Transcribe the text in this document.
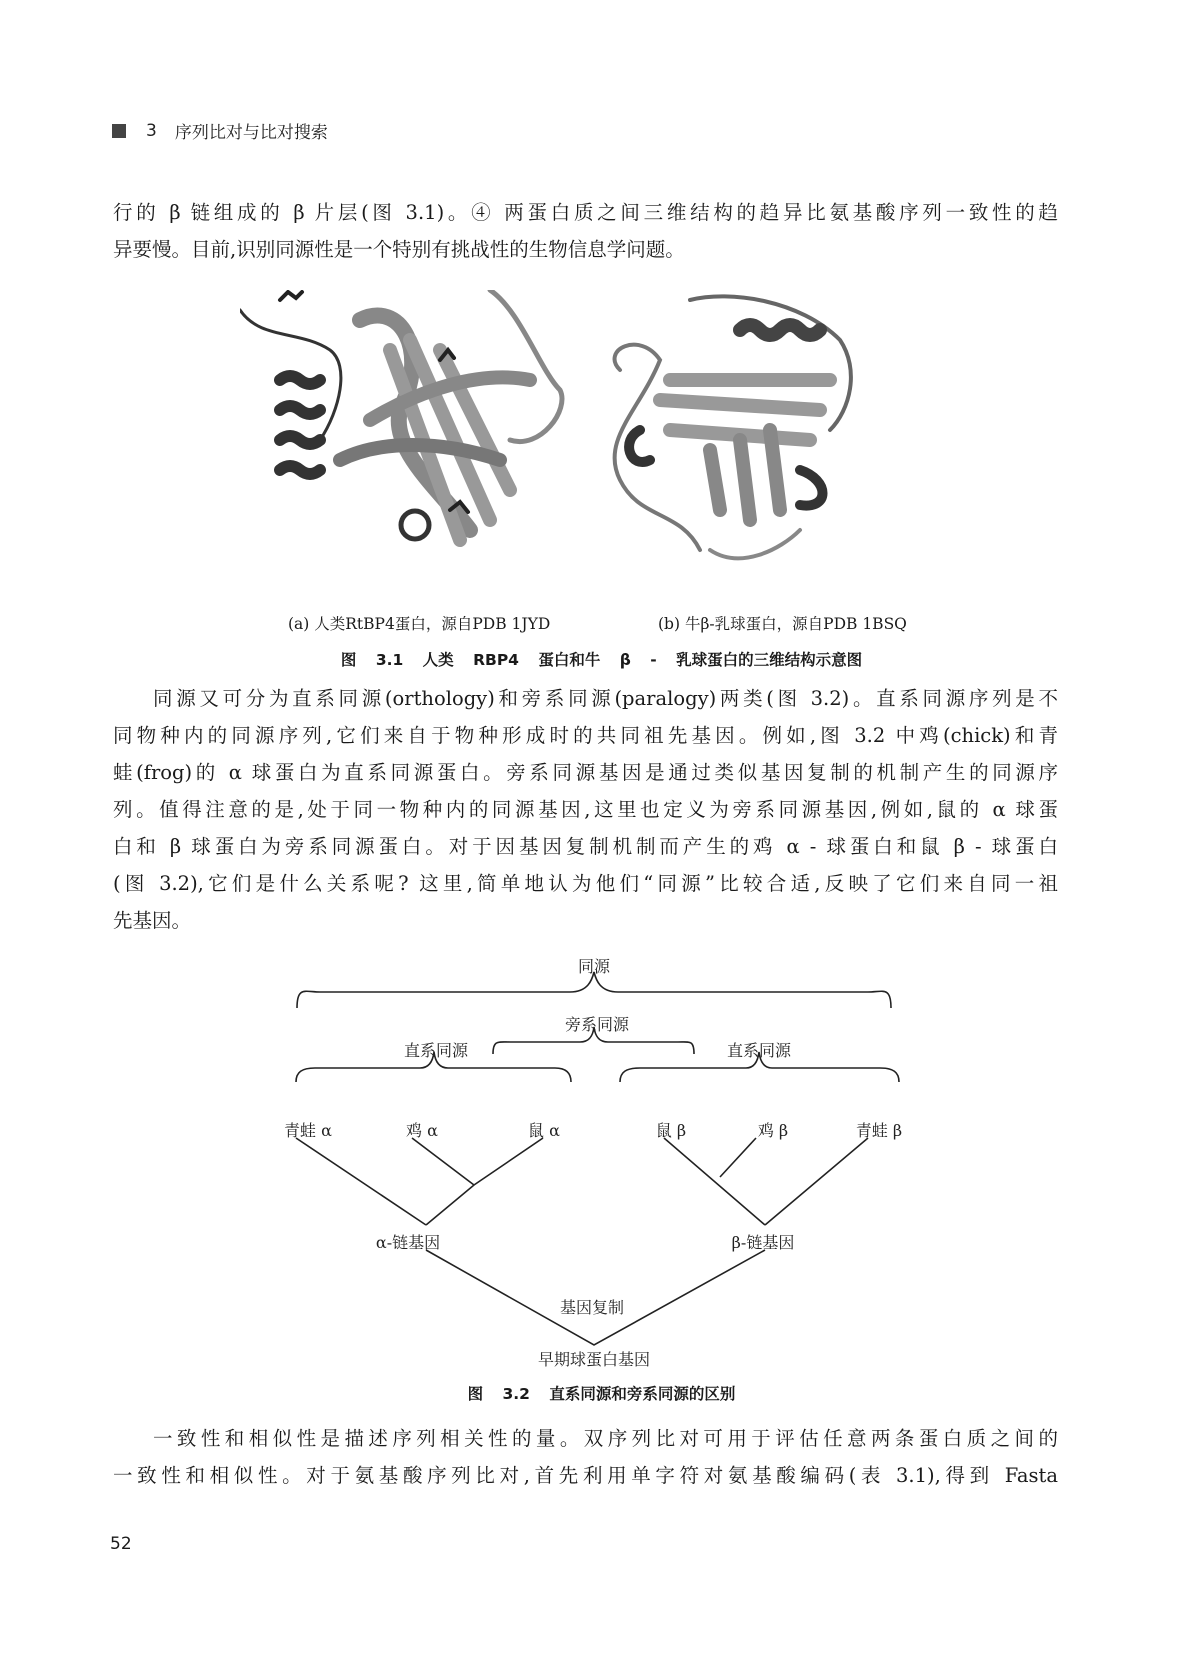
3 序列比对与比对搜索

行的 β 链组成的 β 片层(图 3.1)。④ 两蛋白质之间三维结构的趋异比氨基酸序列一致性的趋
异要慢。目前,识别同源性是一个特别有挑战性的生物信息学问题。

(a) 人类RtBP4蛋白，源自PDB 1JYD	(b) 牛β-乳球蛋白，源自PDB 1BSQ
图 3.1 人类 RBP4 蛋白和牛 β - 乳球蛋白的三维结构示意图

同源又可分为直系同源(orthology)和旁系同源(paralogy)两类(图 3.2)。直系同源序列是不
同物种内的同源序列,它们来自于物种形成时的共同祖先基因。例如,图 3.2 中鸡(chick)和青
蛙(frog)的 α 球蛋白为直系同源蛋白。旁系同源基因是通过类似基因复制的机制产生的同源序
列。值得注意的是,处于同一物种内的同源基因,这里也定义为旁系同源基因,例如,鼠的 α 球蛋
白和 β 球蛋白为旁系同源蛋白。对于因基因复制机制而产生的鸡 α - 球蛋白和鼠 β - 球蛋白
(图 3.2),它们是什么关系呢? 这里,简单地认为他们“同源”比较合适,反映了它们来自同一祖
先基因。

同源
旁系同源
直系同源	直系同源
青蛙 α	鸡 α	鼠 α	鼠 β	鸡 β	青蛙 β
α-链基因	β-链基因
基因复制
早期球蛋白基因
图 3.2 直系同源和旁系同源的区别

一致性和相似性是描述序列相关性的量。双序列比对可用于评估任意两条蛋白质之间的
一致性和相似性。对于氨基酸序列比对,首先利用单字符对氨基酸编码(表 3.1),得到 Fasta

52
